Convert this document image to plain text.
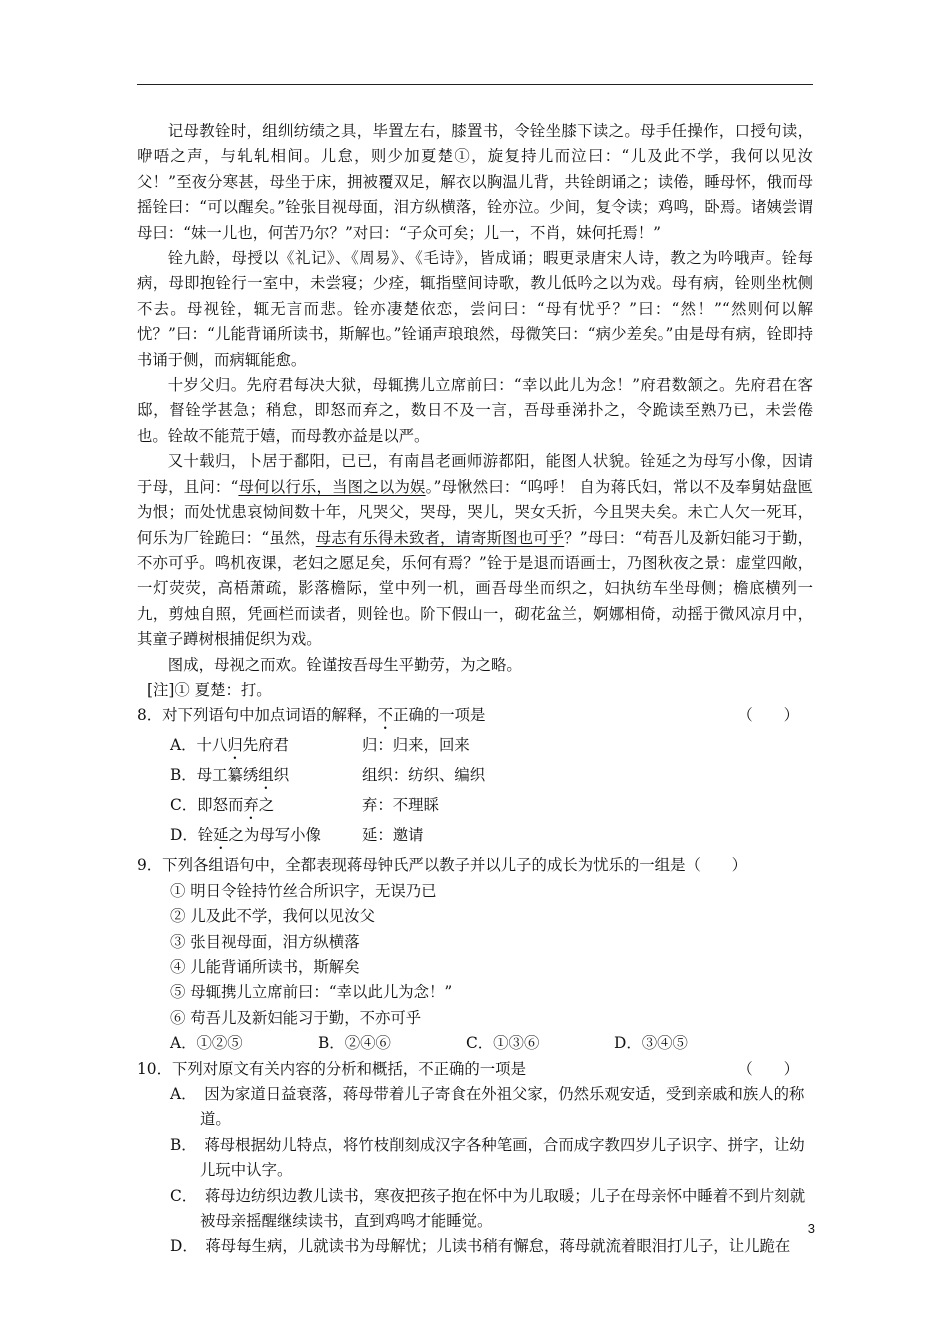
记母教铨时，组𬘓纺绩之具，毕置左右，膝置书，令铨坐膝下读之。母手任操作，口授句读，咿唔之声，与轧轧相间。儿怠，则少加夏楚①，旋复持儿而泣曰：“儿及此不学，我何以见汝父！”至夜分寒甚，母坐于床，拥被覆双足，解衣以胸温儿背，共铨朗诵之；读倦，睡母怀，俄而母摇铨曰：“可以醒矣。”铨张目视母面，泪方纵横落，铨亦泣。少间，复令读；鸡鸣，卧焉。诸姨尝谓母曰：“妹一儿也，何苦乃尔？”对曰：“子众可矣；儿一，不肖，妹何托焉！”

铨九龄，母授以《礼记》、《周易》、《毛诗》，皆成诵；暇更录唐宋人诗，教之为吟哦声。铨每病，母即抱铨行一室中，未尝寝；少痊，辄指壁间诗歌，教儿低吟之以为戏。母有病，铨则坐枕侧不去。母视铨，辄无言而悲。铨亦凄楚依恋，尝问曰：“母有忧乎？”曰：“然！”“然则何以解忧？”曰：“儿能背诵所读书，斯解也。”铨诵声琅琅然，母微笑曰：“病少差矣。”由是母有病，铨即持书诵于侧，而病辄能愈。

十岁父归。先府君每决大狱，母辄携儿立席前曰：“幸以此儿为念！”府君数颔之。先府君在客邸，督铨学甚急；稍怠，即怒而弃之，数日不及一言，吾母垂涕扑之，令跪读至熟乃已，未尝倦也。铨故不能荒于嬉，而母教亦益是以严。

又十载归，卜居于鄱阳，已已，有南昌老画师游都阳，能图人状貌。铨延之为母写小像，因请于母，且问：“母何以行乐，当图之以为娱。”母愀然曰：“呜呼！ 自为蒋氏妇，常以不及奉舅姑盘匜为恨；而处忧患哀恸间数十年，凡哭父，哭母，哭儿，哭女夭折，今且哭夫矣。未亡人欠一死耳，何乐为厂铨跪曰：“虽然，母志有乐得未致者，请寄斯图也可乎？”母曰：“苟吾儿及新妇能习于勤，不亦可乎。鸣机夜课，老妇之愿足矣，乐何有焉？”铨于是退而语画士，乃图秋夜之景：虚堂四敞，一灯荧荧，高梧萧疏，影落檐际，堂中列一机，画吾母坐而织之，妇执纺车坐母侧；檐底横列一九，剪烛自照，凭画栏而读者，则铨也。阶下假山一，砌花盆兰，婀娜相倚，动摇于微风凉月中，其童子蹲树根捕促织为戏。

图成，母视之而欢。铨谨按吾母生平勤劳，为之略。

[注]① 夏楚：打。

8．对下列语句中加点词语的解释，不正确的一项是	（　　）
A．十八归先府君	归：归来，回来
B．母工纂绣组织	组织：纺织、编织
C．即怒而弃之	弃：不理睬
D．铨延之为母写小像	延：邀请

9．下列各组语句中，全都表现蒋母钟氏严以教子并以儿子的成长为忧乐的一组是（　　）

① 明日令铨持竹丝合所识字，无误乃已

② 儿及此不学，我何以见汝父

③ 张目视母面，泪方纵横落

④ 儿能背诵所读书，斯解矣

⑤ 母辄携儿立席前曰：“幸以此儿为念！”

⑥ 苟吾儿及新妇能习于勤，不亦可乎

A．①②⑤	B．②④⑥	C．①③⑥	D．③④⑤

10．下列对原文有关内容的分析和概括，不正确的一项是	（　　）

A．　因为家道日益衰落，蒋母带着儿子寄食在外祖父家，仍然乐观安适，受到亲戚和族人的称道。

B．　蒋母根据幼儿特点，将竹枝削刻成汉字各种笔画，合而成字教四岁儿子识字、拼字，让幼儿玩中认字。

C．　蒋母边纺织边教儿读书，寒夜把孩子抱在怀中为儿取暖；儿子在母亲怀中睡着不到片刻就被母亲摇醒继续读书，直到鸡鸣才能睡觉。

D．　蒋母每生病，儿就读书为母解忧；儿读书稍有懈怠，蒋母就流着眼泪打儿子，让儿跪在

3
